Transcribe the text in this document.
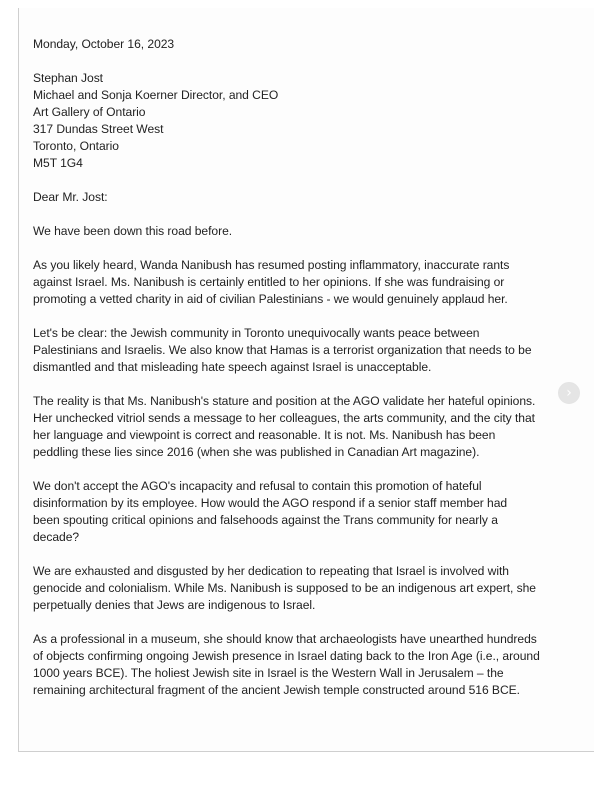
Monday, October 16, 2023

Stephan Jost
Michael and Sonja Koerner Director, and CEO
Art Gallery of Ontario
317 Dundas Street West
Toronto, Ontario
M5T 1G4

Dear Mr. Jost:

We have been down this road before.

As you likely heard, Wanda Nanibush has resumed posting inflammatory, inaccurate rants
against Israel. Ms. Nanibush is certainly entitled to her opinions. If she was fundraising or
promoting a vetted charity in aid of civilian Palestinians - we would genuinely applaud her.

Let's be clear: the Jewish community in Toronto unequivocally wants peace between
Palestinians and Israelis. We also know that Hamas is a terrorist organization that needs to be
dismantled and that misleading hate speech against Israel is unacceptable.

The reality is that Ms. Nanibush's stature and position at the AGO validate her hateful opinions.
Her unchecked vitriol sends a message to her colleagues, the arts community, and the city that
her language and viewpoint is correct and reasonable. It is not. Ms. Nanibush has been
peddling these lies since 2016 (when she was published in Canadian Art magazine).

We don't accept the AGO's incapacity and refusal to contain this promotion of hateful
disinformation by its employee. How would the AGO respond if a senior staff member had
been spouting critical opinions and falsehoods against the Trans community for nearly a
decade?

We are exhausted and disgusted by her dedication to repeating that Israel is involved with
genocide and colonialism. While Ms. Nanibush is supposed to be an indigenous art expert, she
perpetually denies that Jews are indigenous to Israel.

As a professional in a museum, she should know that archaeologists have unearthed hundreds
of objects confirming ongoing Jewish presence in Israel dating back to the Iron Age (i.e., around
1000 years BCE). The holiest Jewish site in Israel is the Western Wall in Jerusalem – the
remaining architectural fragment of the ancient Jewish temple constructed around 516 BCE.

›
